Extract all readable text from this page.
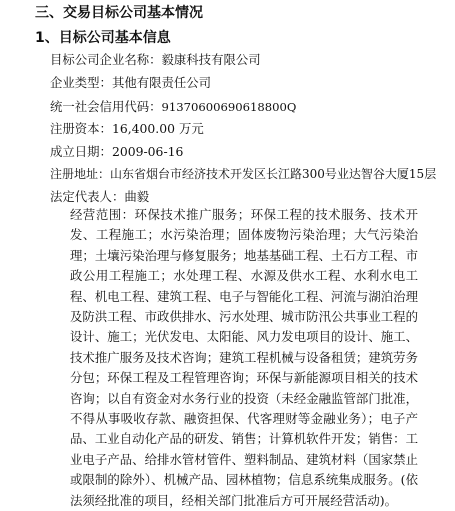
三、交易目标公司基本情况
1、目标公司基本信息
目标公司企业名称：毅康科技有限公司
企业类型：其他有限责任公司
统一社会信用代码：91370600690618800Q
注册资本：16,400.00 万元
成立日期：2009-06-16
注册地址：山东省烟台市经济技术开发区长江路300号业达智谷大厦15层
法定代表人：曲毅
经营范围：环保技术推广服务；环保工程的技术服务、技术开发、工程施工；水污染治理；固体废物污染治理；大气污染治理；土壤污染治理与修复服务；地基基础工程、土石方工程、市政公用工程施工；水处理工程、水源及供水工程、水利水电工程、机电工程、建筑工程、电子与智能化工程、河流与湖泊治理及防洪工程、市政供排水、污水处理、城市防汛公共事业工程的设计、施工；光伏发电、太阳能、风力发电项目的设计、施工、技术推广服务及技术咨询；建筑工程机械与设备租赁；建筑劳务分包；环保工程及工程管理咨询；环保与新能源项目相关的技术咨询；以自有资金对水务行业的投资（未经金融监管部门批准，不得从事吸收存款、融资担保、代客理财等金融业务）；电子产品、工业自动化产品的研发、销售；计算机软件开发；销售：工业电子产品、给排水管材管件、塑料制品、建筑材料（国家禁止或限制的除外）、机械产品、园林植物；信息系统集成服务。(依法须经批准的项目，经相关部门批准后方可开展经营活动)。
